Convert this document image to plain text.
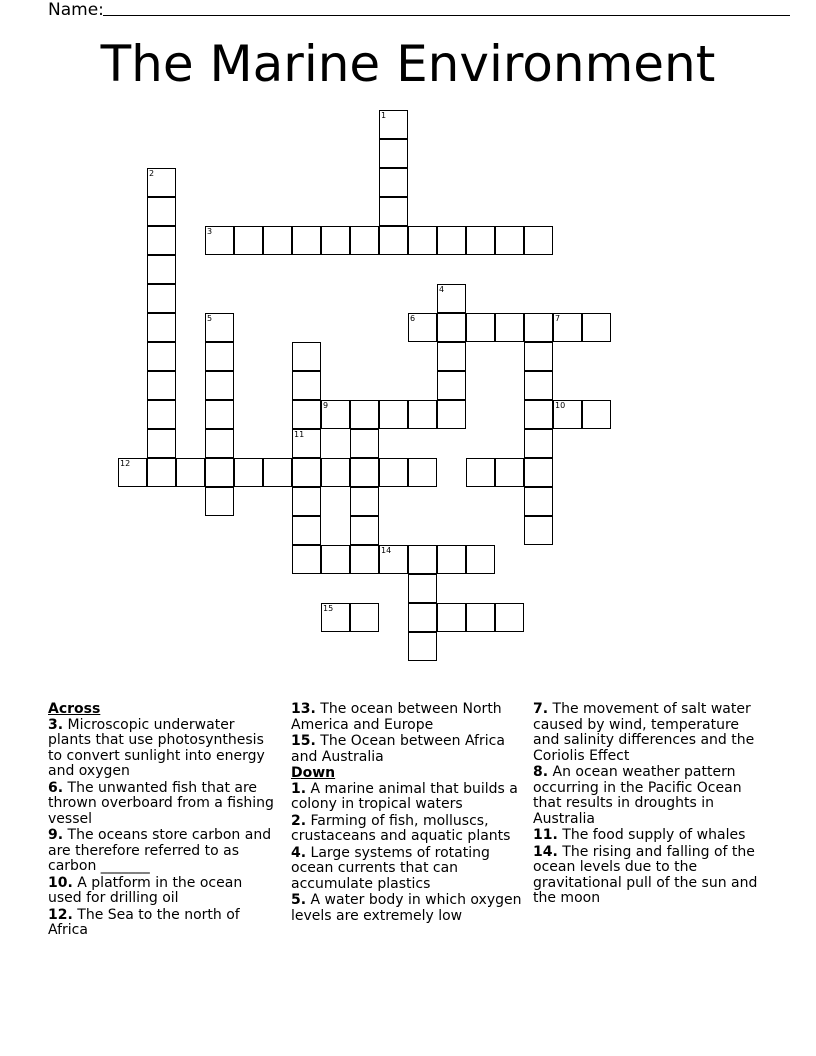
Name:
The Marine Environment
1
2
3
4
5	6	7
11
9	10
12
14
15

Across

3. Microscopic underwater plants that use photosynthesis to convert sunlight into energy and oxygen

6. The unwanted fish that are thrown overboard from a fishing vessel

9. The oceans store carbon and are therefore referred to as carbon _______

10. A platform in the ocean used for drilling oil

12. The Sea to the north of Africa

13. The ocean between North America and Europe

15. The Ocean between Africa and Australia

Down

1. A marine animal that builds a colony in tropical waters

2. Farming of fish, molluscs, crustaceans and aquatic plants

4. Large systems of rotating ocean currents that can accumulate plastics

5. A water body in which oxygen levels are extremely low

7. The movement of salt water caused by wind, temperature and salinity differences and the Coriolis Effect

8. An ocean weather pattern occurring in the Pacific Ocean that results in droughts in Australia

11. The food supply of whales

14. The rising and falling of the ocean levels due to the gravitational pull of the sun and the moon
